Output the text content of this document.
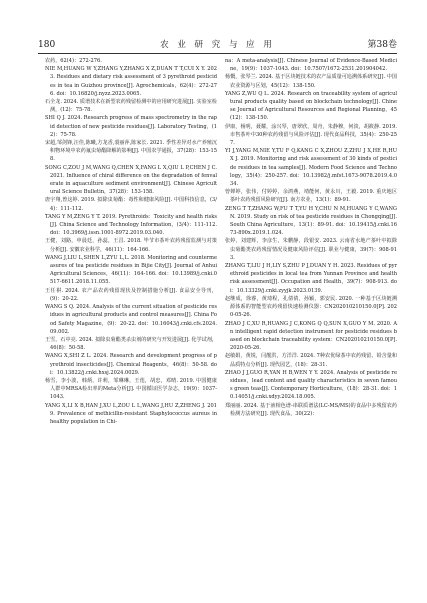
180	农 业 研 究 与 应 用	第38卷
农药，62(4)：272-276.
NIE M,HUANG W Y,ZHANG Y,ZHANG X Z,DUAN T T,CUI X Y. 2023. Residues and dietary risk assessment of 3 pyrethroid pesticides in tea in Guizhou province[J]. Agrochemicals，62(4)：272-276. doi：10.16820/j.nyzz.2023.0065.
石全龙. 2024. 质谱技术在新型农药残留检测中的应用研究进展[J]. 实验室检测，(12)：75-78.
SHI Q J. 2024. Research progress of mass spectrometry in the rapid detection of new pesticide residues[J]. Laboratory Testing，(12)：75-78.
宋超,邹剑锋,汪佳,陈曦,方龙香,裘丽萍,陈家长. 2021. 季性差异对水产养殖沉积物环境中农药氟虫菊酯降解的影响[J]. 中国农学通报，37(28)：153-158.
SONG C,ZOU J M,WANG Q,CHEN X,FANG L X,QIU L P,CHEN J C. 2021. Influence of chiral difference on the degradation of fenvalerate in aquaculture sediment environment[J]. Chinese Agricultural Science Bulletin，37(28)：153-158.
唐宇翔,曾这婷. 2019. 拟除虫菊酯：毒性和健康风险[J]. 中国科技信息，(3/4)：111-112.
TANG Y M,ZENG Y T. 2019. Pyrethroids：Toxicity and health risks[J]. China Science and Technology Information，(3/4)：111-112. doi：10.3969/j.issn.1001-8972.2019.03.040.
王健，刘路，申晨廷，孙蕊，王昌. 2018. 毕节市茶叶农药残留监测与对策分析[J]. 安徽农业科学，46(11)：164-166.
WANG J,LIU L,SHEN L,ZYU L,L. 2018. Monitoring and countermeasures of tea pesticide residues in Bijie City[J]. Journal of Anhui Agricultural Sciences，46(11)：164-166. doi：10.13989/j.cnki.0517-6611.2018.11.055.
王任祺. 2024. 农产品农药残留现状及控制措施分析[J]. 食品安全导刊，(9)：20-22.
WANG S Q. 2024. Analysis of the current situation of pesticide residues in agricultural products and control measures[J]. China Food Safety Magazine，(9)：20-22. doi：10.16043/j.cnki.cfs.2024.09.002.
王雪，石中亮. 2024. 拟除虫菊酯类杀虫剂的研究与开发进展[J]. 化学试剂，46(8)：50-58.
WANG X,SHI Z L. 2024. Research and development progress of pyrethroid insecticides[J]. Chemical Reagents，46(8)：50-58. doi：10.13822/j.cnki.hxsj.2024.0029.
杨雪，李小波，韩炳，许莉，邹琳琳，王莲，胡忠，邓晴. 2019. 中国健康人群中MRSA检出率的Meta分析[J]. 中国循证医学杂志，19(9)：1037-1043.
YANG X,LI X B,HAN J,XU L,ZOU L L,WANG J,HU Z,ZHENG J. 2019. Prevalence of methicillin-resistant Staphylococcus aureus in healthy population in Chi-
na：A meta-analysis[J]. Chinese Journal of Evidence-Based Medicine，19(9)：1037-1043. doi：10.7507/1672-2531.201904042.
杨慨，张琴兰. 2024. 基于区块链技术的农产品质量可追溯体系研究[J]. 中国农业资源与区划，45(12)：138-150.
YANG Z,WU Q L. 2024. Research on traceability system of agricultural products quality based on blockchain technology[J]. Chinese Journal of Agricultural Resources and Regional Planning，45(12)：138-150.
伊康，杨明，聂耀，涂兴琴，唐翠欣，周舟，朱静穆，何淡，胡筱静. 2019. 市售茶叶中30种农药残留与风险评估[J]. 现代食品科技，35(4)：250-257.
YI J,YANG M,NIE Y,TU F Q,KANG C X,ZHOU Z,ZHU J X,HE R,HU X J. 2019. Monitoring and risk assessment of 30 kinds of pesticide residues in tea samples[J]. Modern Food Science and Technology，35(4)：250-257. doi：10.13982/j.mfst.1673-9078.2019.4.034.
曾婵婷，张伟，付婷婷，余鸿燕，靖能何，黄永川，王毅. 2019. 重庆地区茶叶农药残留风险研究[J]. 南方农业，13(1)：89-91.
ZENG T T,ZHANG W,FU T T,YU H Y,CHU N M,HUANG Y C,WANG N. 2019. Study on risk of tea pesticide residues in Chongqing[J]. South China Agriculture，13(1)：89-91. doi：10.19415/j.cnki.1673-890x.2019.1.024.
张婷，刘建辉，李彦生，朱鹏静，段银安. 2023. 云南省水地产茶叶中拟除虫菊酯类农药残留情况及健康风险评估[J]. 职业与健康，39(7)：908-913.
ZHANG T,LIU J H,LIY S,ZHU P J,DUAN Y H. 2023. Residues of pyrethroid pesticides in local tea from Yunnan Province and health risk assessment[J]. Occupation and Health，39(7)：908-913. doi：10.13329/j.cnki.zyyjk.2023.0139.
赵继成，徐睿，黄琦程，孔倩倩，孙颖，郭安民. 2020. 一种基于区块链溯源体系的智能型农药残留快速检测仪器：CN202010210150.0[P]. 2020-05-26.
ZHAO J C,XU R,HUANG J C,KONG Q Q,SUN X,GUO Y M. 2020. An intelligent rapid detection instrument for pesticide residues based on blockchain traceability system：CN202010210150.0[P]. 2020-05-26.
赵敏娟，黄锐，闫靓洪，方洋洋. 2024. 7种农优绿茶中农药残留、铅含量和品质特点分析[J]. 现代园艺，(18)：28-31.
ZHAO J J,GUO R,YAN H B,WEN Y Y. 2024. Analysis of pesticide residues，lead content and quality characteristics in seven famous green teas[J]. Contemporary Horticulture，(18)：28-31. doi：10.14051/j.cnki.xdyy.2024.18.005.
郑丽丽. 2024. 基于液相色谱-串联质谱法(LC-MS/MS)的食品中多残留农药检测方法研究[J]. 现代食品，30(22)：
